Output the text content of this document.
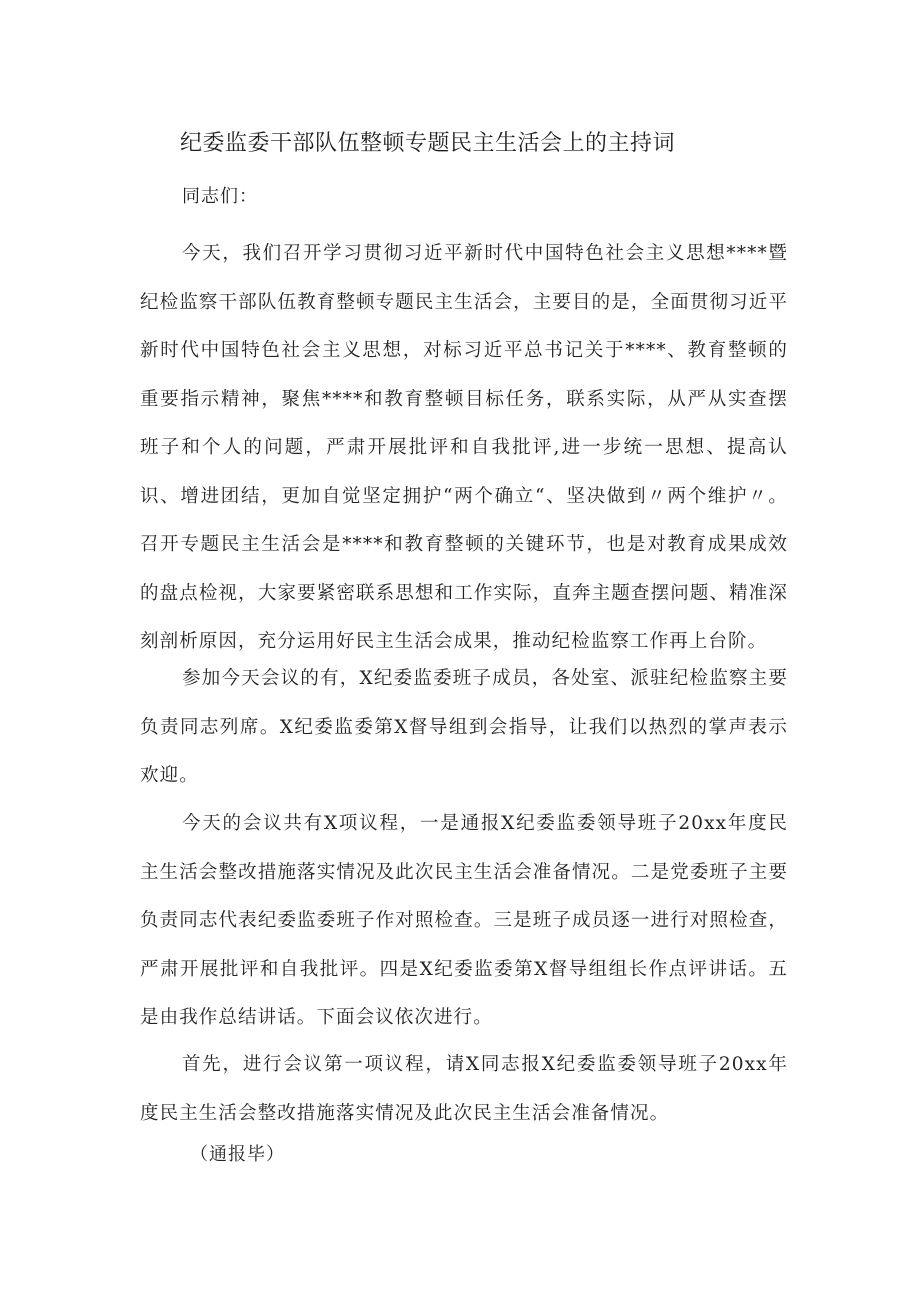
纪委监委干部队伍整顿专题民主生活会上的主持词
同志们：

今天，我们召开学习贯彻习近平新时代中国特色社会主义思想****暨纪检监察干部队伍教育整顿专题民主生活会，主要目的是，全面贯彻习近平新时代中国特色社会主义思想，对标习近平总书记关于****、教育整顿的重要指示精神，聚焦****和教育整顿目标任务，联系实际，从严从实查摆班子和个人的问题，严肃开展批评和自我批评,进一步统一思想、提高认识、增进团结，更加自觉坚定拥护“两个确立“、坚决做到〃两个维护〃。召开专题民主生活会是****和教育整顿的关键环节，也是对教育成果成效的盘点检视，大家要紧密联系思想和工作实际，直奔主题查摆问题、精准深刻剖析原因，充分运用好民主生活会成果，推动纪检监察工作再上台阶。

参加今天会议的有，X纪委监委班子成员，各处室、派驻纪检监察主要负责同志列席。X纪委监委第X督导组到会指导，让我们以热烈的掌声表示欢迎。

今天的会议共有X项议程，一是通报X纪委监委领导班子20xx年度民主生活会整改措施落实情况及此次民主生活会准备情况。二是党委班子主要负责同志代表纪委监委班子作对照检查。三是班子成员逐一进行对照检查，严肃开展批评和自我批评。四是X纪委监委第X督导组组长作点评讲话。五是由我作总结讲话。下面会议依次进行。

首先，进行会议第一项议程，请X同志报X纪委监委领导班子20xx年度民主生活会整改措施落实情况及此次民主生活会准备情况。

（通报毕）
